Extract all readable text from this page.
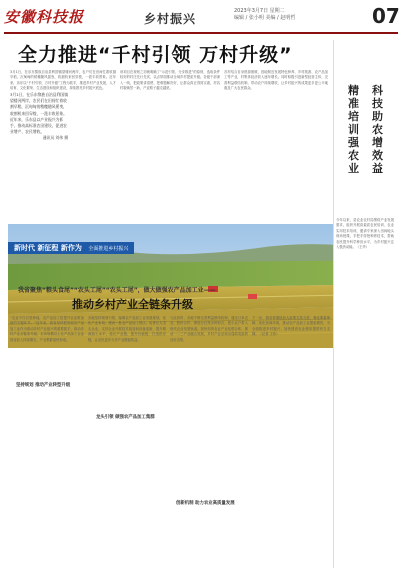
安徽科技报	乡村振兴
2023年3月7日 星期二
编辑 / 张小明 美编 / 赵明哲	07
全力推进“千村引领 万村升级”
3月1日，在乐东黎族自治县利国镇望楼河两岸，农户们在田间忙着收割早稻，沉甸甸的稻穗随风摇曳，收割机来回穿梭，一派丰收景象。近年来，乐东以“千村引领、万村升级”工程为抓手，推进乡村产业发展、人才培育、文化繁荣、生态建设和组织建设，持续擦亮乡村振兴底色。
该项目在规划之初就明确了“示范引领、分步推进”的原则，选取条件较好的村庄先行先试，以点带面推动全域乡村提质升级。各级干部深入一线，把政策讲清楚、把难题解决好，让群众真正得到实惠，村容村貌焕然一新，产业路子越走越宽。
各村结合自身资源禀赋，因地制宜发展特色种养、乡村旅游、农产品加工等产业，村集体经济收入逐年增长。同时积极引进新型经营主体，完善利益联结机制，带动农户持续增收，让乡村振兴的成果更多更公平地惠及广大农民群众。
3月1日，在乐东黎族自治县利国镇望楼河两岸，农民们在田间忙着收割早稻，沉甸甸的稻穗随风摇曳，收割机来回穿梭，一派丰收景象。近年来，乐东县以产业振兴为抓手，推动高标准农田建设，促进农业增产、农民增收。
通讯员 刘伟 摄
新时代 新征程 新作为 全面推进乡村振兴
我省聚焦“粮头食尾”“农头工尾”“农头工尾”，做大做强农产品加工业——
推动乡村产业全链条升级
坚持规划 推动产业转型升级
“农业不仅仅是种地，农产品加工是提升农业附加值的关键环节。”近年来，我省坚持把发展农产品加工业作为推动乡村产业振兴的重要抓手，推动乡村产业全链条升级。全省规模以上农产品加工企业营业收入持续增长，产业集群加快形成。
龙头引领 做强农产品加工集群
各地坚持规划引领，编制农产品加工业发展规划，优化产业布局，建设一批农产品加工园区。培育壮大龙头企业，支持企业开展技术改造和设备更新，提升精深加工水平，延长产业链、提升价值链、打造供应链，让农民更多分享产业增值收益。
创新机制 助力农业高质量发展
与此同时，各地不断完善利益联结机制，通过订单农业、股份合作、保底分红等多种形式，把小农户带入现代农业发展轨道。加快培育农业产业化联合体，推动一二三产业融合发展，乡村产业呈现出蓬勃发展的良好态势。
下一步，我省将继续加大政策支持力度，强化要素保障，优化营商环境，推动农产品加工业提质增效，为全面推进乡村振兴、加快建设农业强省提供有力支撑。（记者 王伟）
精准培训强农业
科技助农增效益
今年以来，县农业农村局围绕产业发展需求，组织开展高素质农民培训、农业实用技术培训，邀请专家深入田间地头现场授课，手把手传授种养技术，帮助农民提升科学种田水平，为乡村振兴注入强劲动能。（王华）
